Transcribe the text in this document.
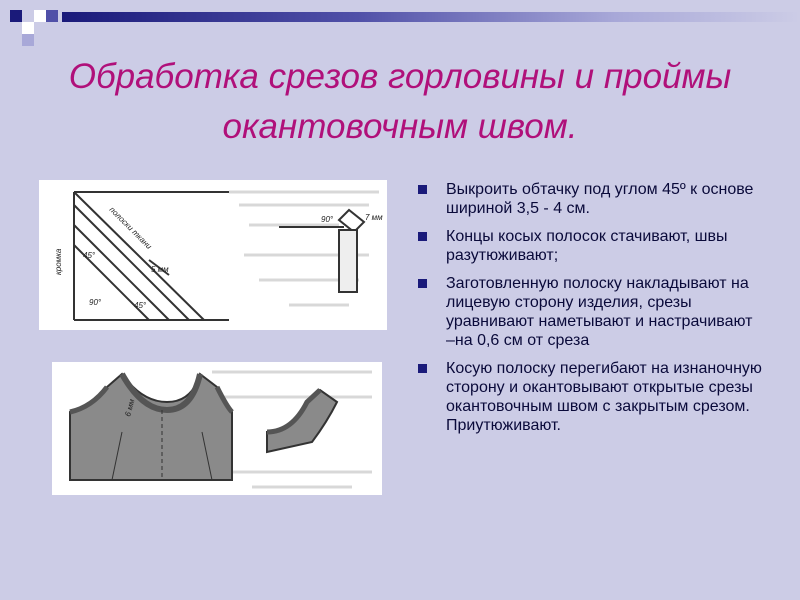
Обработка срезов горловины и проймы окантовочным швом.
кромка
полоски ткани
45°
45°
90°
5 мм
90°	7 мм
6 мм
Выкроить обтачку под углом 45º к основе шириной 3,5 - 4 см.
Концы косых полосок стачивают, швы разутюживают;
Заготовленную полоску накладывают на лицевую сторону изделия, срезы уравнивают наметывают и настрачивают –на 0,6 см от среза
Косую полоску перегибают на изнаночную сторону и окантовывают открытые срезы окантовочным швом с закрытым срезом. Приутюживают.
